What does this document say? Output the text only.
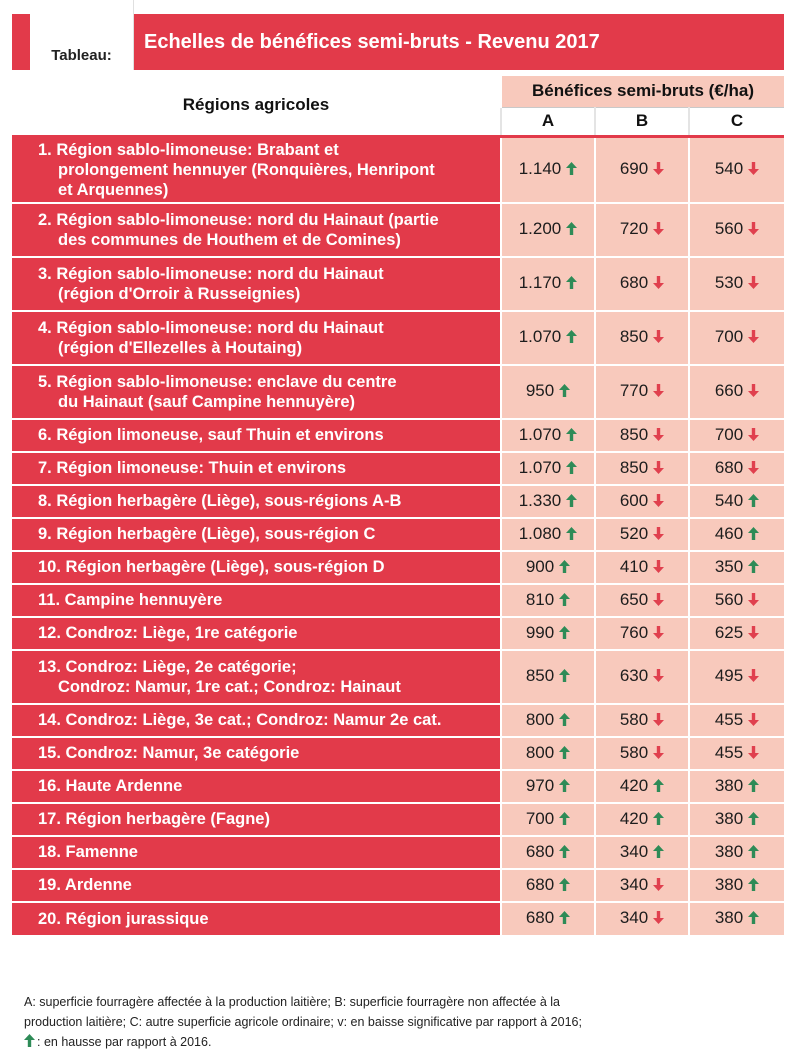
Tableau:
Echelles de bénéfices semi-bruts - Revenu 2017
Régions agricoles	Bénéfices semi-bruts (€/ha)		
	A	B	C

1. Région sablo-limoneuse: Brabant et
prolongement hennuyer (Ronquières, Henripont
et Arquennes)	1.140	690	540

2. Région sablo-limoneuse: nord du Hainaut (partie
des communes de Houthem et de Comines)	1.200	720	560

3. Région sablo-limoneuse: nord du Hainaut
(région d'Orroir à Russeignies)	1.170	680	530

4. Région sablo-limoneuse: nord du Hainaut
(région d'Ellezelles à Houtaing)	1.070	850	700

5. Région sablo-limoneuse: enclave du centre
du Hainaut (sauf Campine hennuyère)	950	770	660

6. Région limoneuse, sauf Thuin et environs	1.070	850	700

7. Région limoneuse: Thuin et environs	1.070	850	680

8. Région herbagère (Liège), sous-régions A-B	1.330	600	540

9. Région herbagère (Liège), sous-région C	1.080	520	460

10. Région herbagère (Liège), sous-région D	900	410	350

11. Campine hennuyère	810	650	560

12. Condroz: Liège, 1re catégorie	990	760	625

13. Condroz: Liège, 2e catégorie;
Condroz: Namur, 1re cat.; Condroz: Hainaut	850	630	495

14. Condroz: Liège, 3e cat.; Condroz: Namur 2e cat.	800	580	455

15. Condroz: Namur, 3e catégorie	800	580	455

16. Haute Ardenne	970	420	380

17. Région herbagère (Fagne)	700	420	380

18. Famenne	680	340	380

19. Ardenne	680	340	380

20. Région jurassique	680	340	380
A: superficie fourragère affectée à la production laitière; B: superficie fourragère non affectée à la
production laitière; C: autre superficie agricole ordinaire; v: en baisse significative par rapport à 2016;
: en hausse par rapport à 2016.
